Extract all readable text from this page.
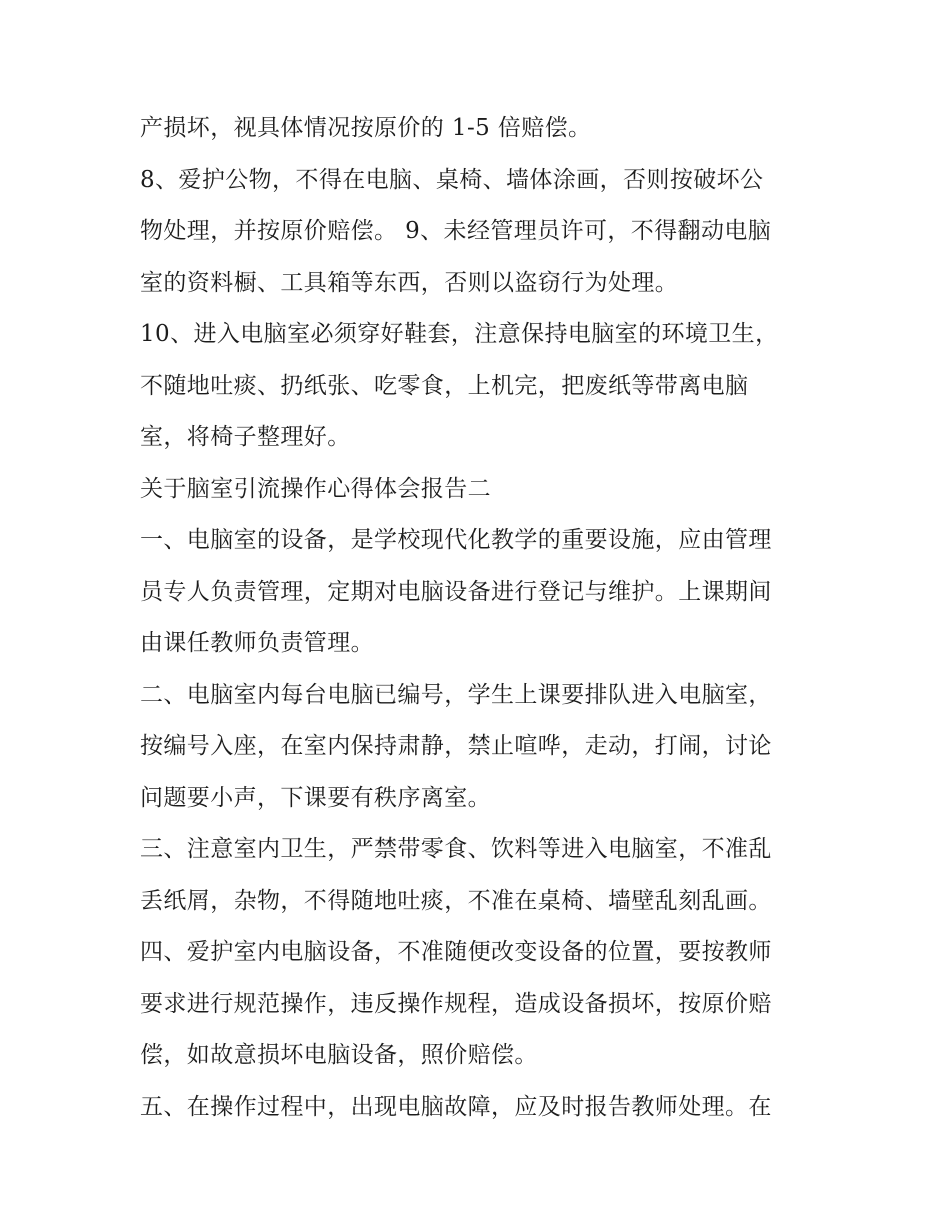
产损坏，视具体情况按原价的 1-5 倍赔偿。

8、爱护公物，不得在电脑、桌椅、墙体涂画，否则按破坏公

物处理，并按原价赔偿。 9、未经管理员许可，不得翻动电脑

室的资料橱、工具箱等东西，否则以盗窃行为处理。

10、进入电脑室必须穿好鞋套，注意保持电脑室的环境卫生，

不随地吐痰、扔纸张、吃零食，上机完，把废纸等带离电脑

室，将椅子整理好。

关于脑室引流操作心得体会报告二

一、电脑室的设备，是学校现代化教学的重要设施，应由管理

员专人负责管理，定期对电脑设备进行登记与维护。上课期间

由课任教师负责管理。

二、电脑室内每台电脑已编号，学生上课要排队进入电脑室，

按编号入座，在室内保持肃静，禁止喧哗，走动，打闹，讨论

问题要小声，下课要有秩序离室。

三、注意室内卫生，严禁带零食、饮料等进入电脑室，不准乱

丢纸屑，杂物，不得随地吐痰，不准在桌椅、墙壁乱刻乱画。

四、爱护室内电脑设备，不准随便改变设备的位置，要按教师

要求进行规范操作，违反操作规程，造成设备损坏，按原价赔

偿，如故意损坏电脑设备，照价赔偿。

五、在操作过程中，出现电脑故障，应及时报告教师处理。在
